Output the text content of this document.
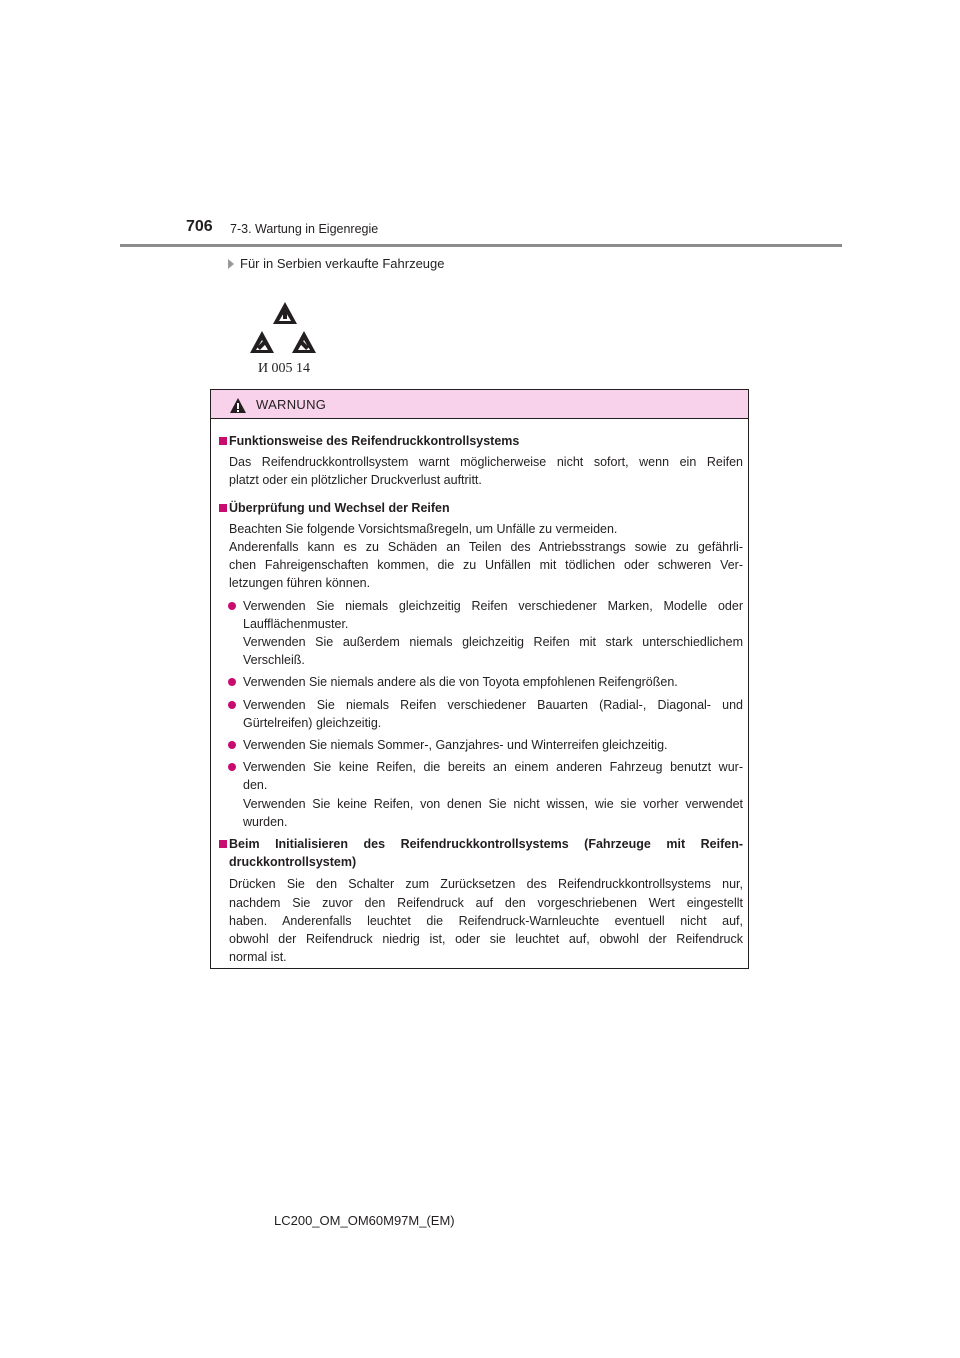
706 7-3. Wartung in Eigenregie
Für in Serbien verkaufte Fahrzeuge
И 005 14
WARNUNG
Funktionsweise des Reifendruckkontrollsystems
Das Reifendruckkontrollsystem warnt möglicherweise nicht sofort, wenn ein Reifen
platzt oder ein plötzlicher Druckverlust auftritt.
Überprüfung und Wechsel der Reifen
Beachten Sie folgende Vorsichtsmaßregeln, um Unfälle zu vermeiden.
Anderenfalls kann es zu Schäden an Teilen des Antriebsstrangs sowie zu gefährli-
chen Fahreigenschaften kommen, die zu Unfällen mit tödlichen oder schweren Ver-
letzungen führen können.
Verwenden Sie niemals gleichzeitig Reifen verschiedener Marken, Modelle oder
Laufflächenmuster.
Verwenden Sie außerdem niemals gleichzeitig Reifen mit stark unterschiedlichem
Verschleiß.
Verwenden Sie niemals andere als die von Toyota empfohlenen Reifengrößen.
Verwenden Sie niemals Reifen verschiedener Bauarten (Radial-, Diagonal- und
Gürtelreifen) gleichzeitig.
Verwenden Sie niemals Sommer-, Ganzjahres- und Winterreifen gleichzeitig.
Verwenden Sie keine Reifen, die bereits an einem anderen Fahrzeug benutzt wur-
den.
Verwenden Sie keine Reifen, von denen Sie nicht wissen, wie sie vorher verwendet
wurden.
Beim Initialisieren des Reifendruckkontrollsystems (Fahrzeuge mit Reifen-
druckkontrollsystem)
Drücken Sie den Schalter zum Zurücksetzen des Reifendruckkontrollsystems nur,
nachdem Sie zuvor den Reifendruck auf den vorgeschriebenen Wert eingestellt
haben. Anderenfalls leuchtet die Reifendruck-Warnleuchte eventuell nicht auf,
obwohl der Reifendruck niedrig ist, oder sie leuchtet auf, obwohl der Reifendruck
normal ist.
LC200_OM_OM60M97M_(EM)
